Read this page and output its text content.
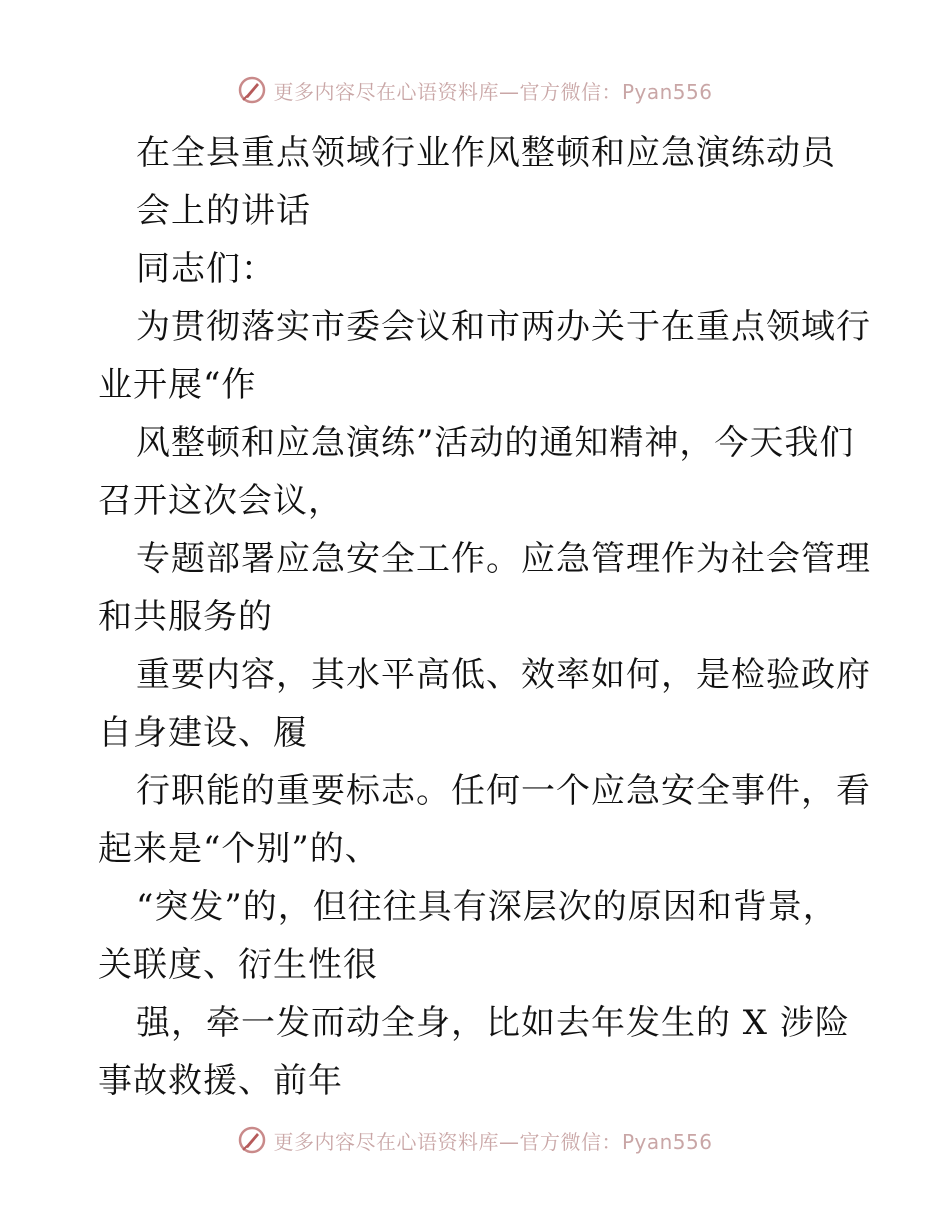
更多内容尽在心语资料库—官方微信：Pyan556
在全县重点领域行业作风整顿和应急演练动员
会上的讲话
同志们：
为贯彻落实市委会议和市两办关于在重点领域行
业开展“作
风整顿和应急演练”活动的通知精神，今天我们
召开这次会议，
专题部署应急安全工作。应急管理作为社会管理
和共服务的
重要内容，其水平高低、效率如何，是检验政府
自身建设、履
行职能的重要标志。任何一个应急安全事件，看
起来是“个别”的、
“突发”的，但往往具有深层次的原因和背景，
关联度、衍生性很
强，牵一发而动全身，比如去年发生的 X 涉险
事故救援、前年
更多内容尽在心语资料库—官方微信：Pyan556
